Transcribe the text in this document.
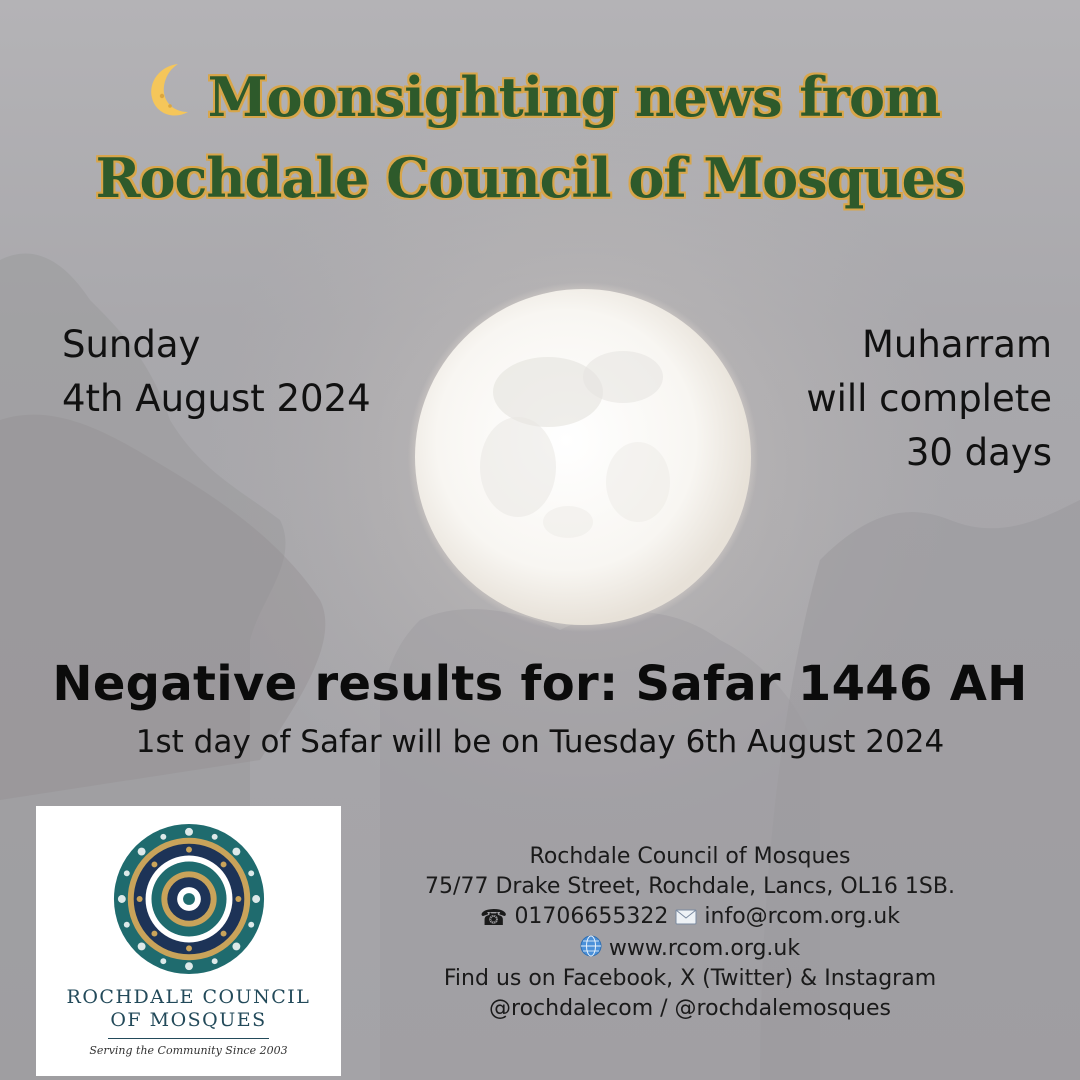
Moonsighting news from
Rochdale Council of Mosques
Sunday
4th August 2024
Muharram
will complete
30 days
Negative results for: Safar 1446 AH
1st day of Safar will be on Tuesday 6th August 2024
ROCHDALE COUNCIL
OF MOSQUES
Serving the Community Since 2003
Rochdale Council of Mosques
75/77 Drake Street, Rochdale, Lancs, OL16 1SB.
☎ 01706655322 info@rcom.org.uk
www.rcom.org.uk
Find us on Facebook, X (Twitter) & Instagram
@rochdalecom / @rochdalemosques
